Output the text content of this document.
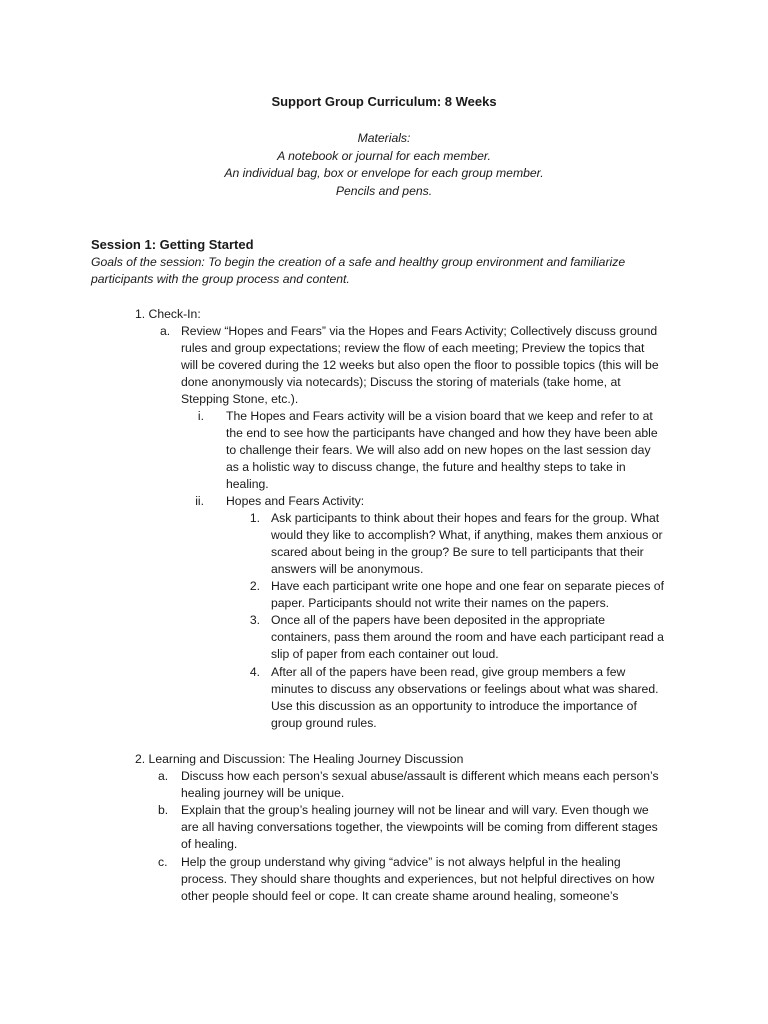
Support Group Curriculum: 8 Weeks
Materials:
A notebook or journal for each member.
An individual bag, box or envelope for each group member.
Pencils and pens.
Session 1: Getting Started
Goals of the session: To begin the creation of a safe and healthy group environment and familiarize
participants with the group process and content.
1. Check-In:
a. Review “Hopes and Fears” via the Hopes and Fears Activity; Collectively discuss ground
rules and group expectations; review the flow of each meeting; Preview the topics that
will be covered during the 12 weeks but also open the floor to possible topics (this will be
done anonymously via notecards); Discuss the storing of materials (take home, at
Stepping Stone, etc.).
i. The Hopes and Fears activity will be a vision board that we keep and refer to at
the end to see how the participants have changed and how they have been able
to challenge their fears. We will also add on new hopes on the last session day
as a holistic way to discuss change, the future and healthy steps to take in
healing.
ii. Hopes and Fears Activity:
1. Ask participants to think about their hopes and fears for the group. What
would they like to accomplish? What, if anything, makes them anxious or
scared about being in the group? Be sure to tell participants that their
answers will be anonymous.
2. Have each participant write one hope and one fear on separate pieces of
paper. Participants should not write their names on the papers.
3. Once all of the papers have been deposited in the appropriate
containers, pass them around the room and have each participant read a
slip of paper from each container out loud.
4. After all of the papers have been read, give group members a few
minutes to discuss any observations or feelings about what was shared.
Use this discussion as an opportunity to introduce the importance of
group ground rules.
2. Learning and Discussion: The Healing Journey Discussion
a.	Discuss how each person’s sexual abuse/assault is different which means each person’s
healing journey will be unique.
b.	Explain that the group’s healing journey will not be linear and will vary. Even though we
are all having conversations together, the viewpoints will be coming from different stages
of healing.
c.	Help the group understand why giving “advice” is not always helpful in the healing
process. They should share thoughts and experiences, but not helpful directives on how
other people should feel or cope. It can create shame around healing, someone’s
